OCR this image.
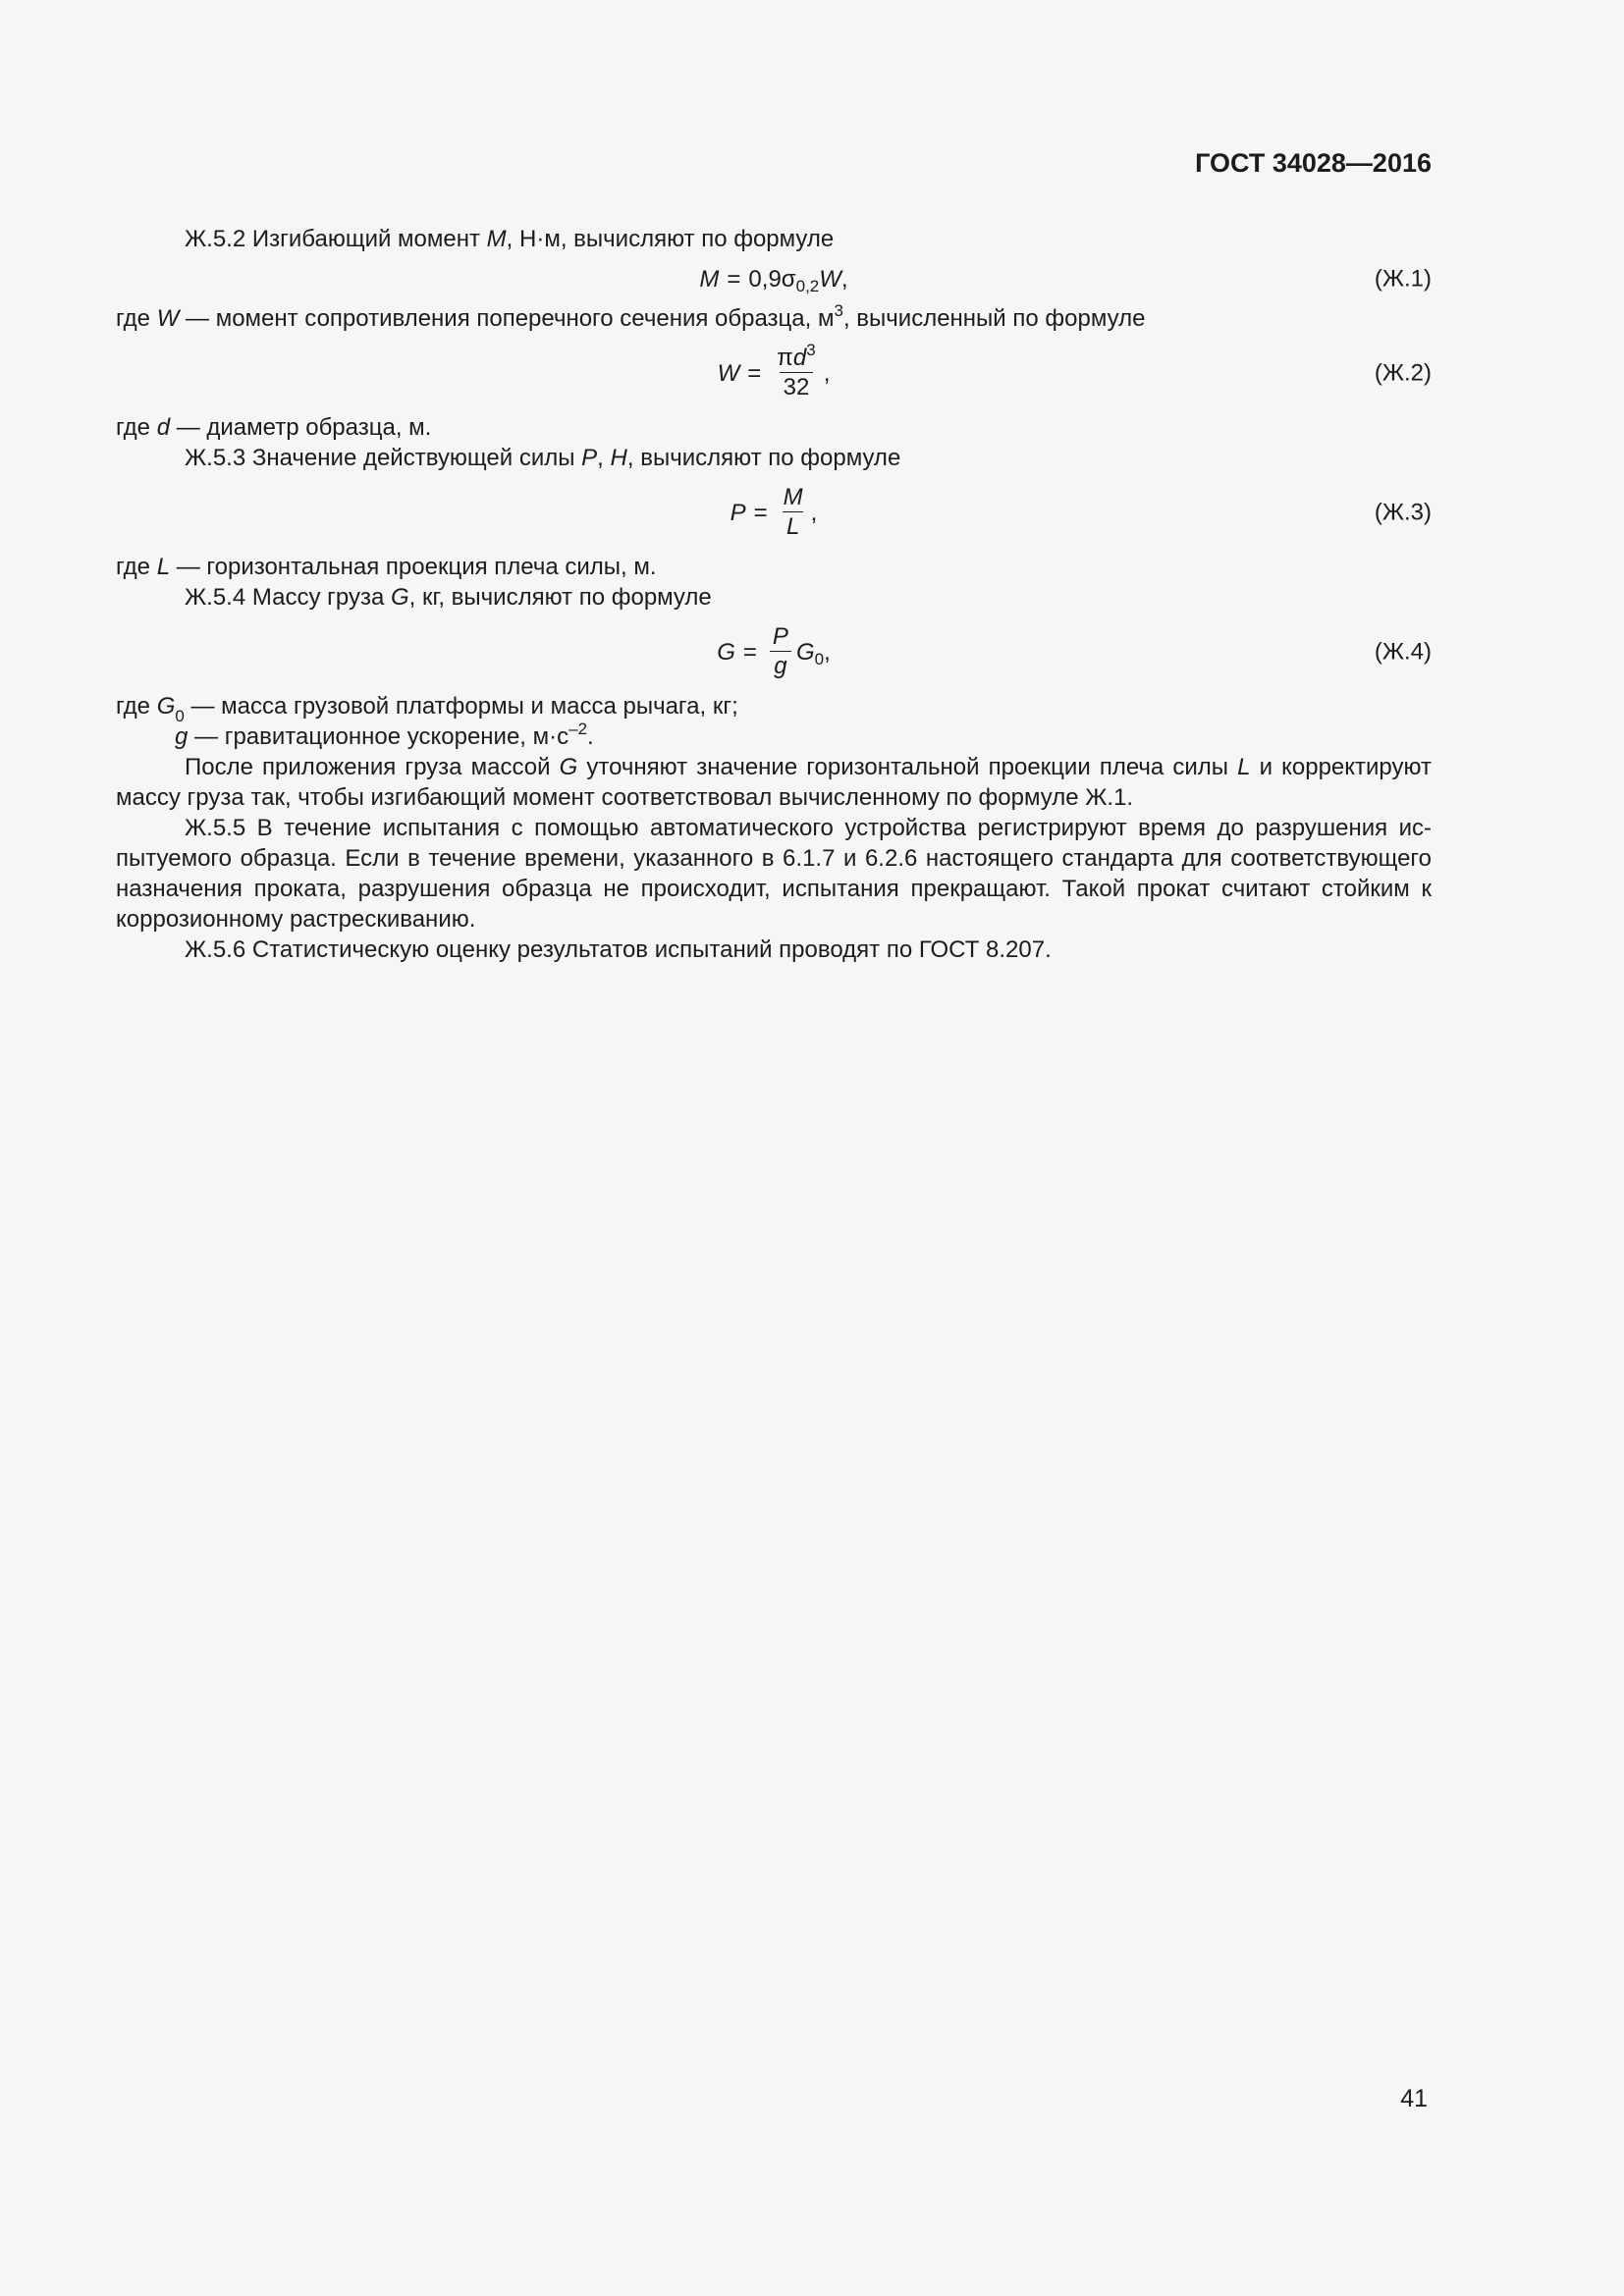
ГОСТ 34028—2016

Ж.5.2 Изгибающий момент M, Н·м, вычисляют по формуле

$M = 0,9\sigma_{0,2}$ W ,	(Ж.1)

где W — момент сопротивления поперечного сечения образца, $м^3$, вычисленный по формуле

$W = \frac{\pi d^3}{32}$ ,	(Ж.2)

где d — диаметр образца, м.

Ж.5.3 Значение действующей силы P, Н, вычисляют по формуле

$P = \frac{M}{L}$ ,	(Ж.3)

где L — горизонтальная проекция плеча силы, м.

Ж.5.4 Массу груза G, кг, вычисляют по формуле

$G = \frac{P}{g} G_0$ ,	(Ж.4)

где $G_0$ — масса грузовой платформы и масса рычага, кг;

g — гравитационное ускорение, $м\cdot с^{-2}$.

После приложения груза массой G уточняют значение горизонтальной проекции плеча силы L и корректируют массу груза так, чтобы изгибающий момент соответствовал вычисленному по формуле Ж.1.

Ж.5.5 В течение испытания с помощью автоматического устройства регистрируют время до разрушения испытуемого образца. Если в течение времени, указанного в 6.1.7 и 6.2.6 настоящего стандарта для соответствующего назначения проката, разрушения образца не происходит, испытания прекращают. Такой прокат считают стойким к коррозионному растрескиванию.

Ж.5.6 Статистическую оценку результатов испытаний проводят по ГОСТ 8.207.

41
